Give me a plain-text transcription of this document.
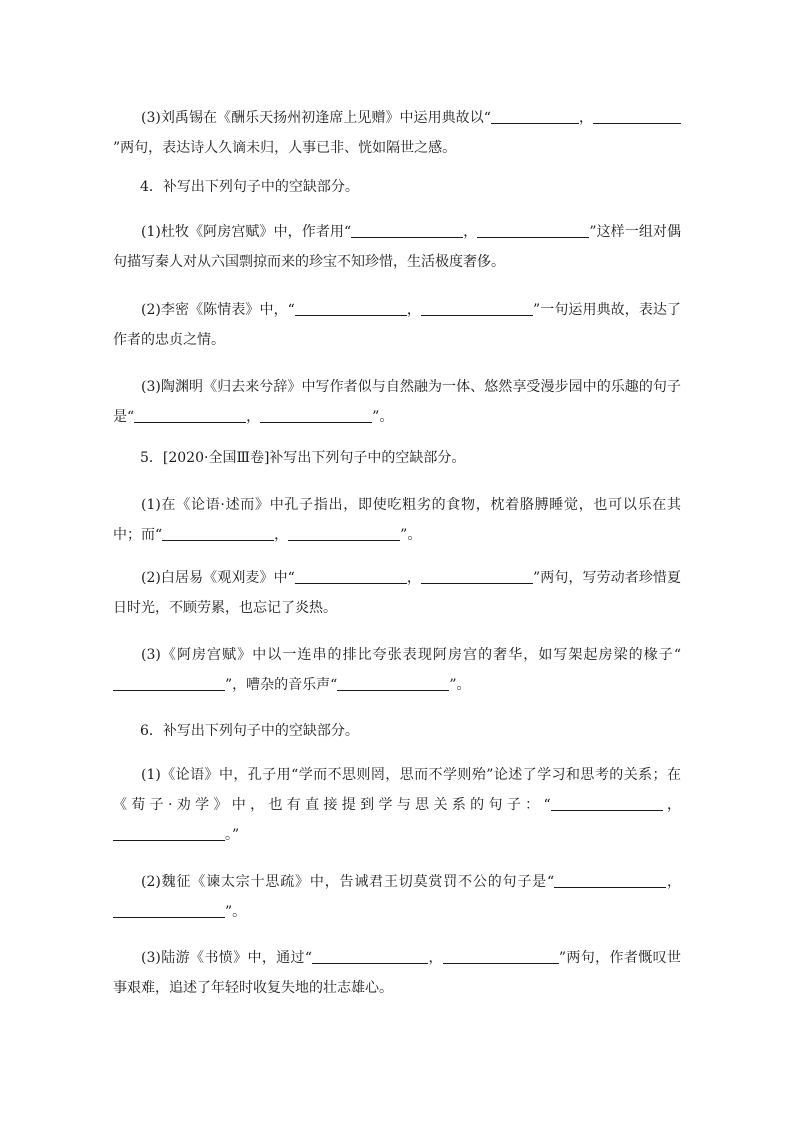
(3)刘禹锡在《酬乐天扬州初逢席上见赠》中运用典故以“	，”两句，表达诗人久谪未归，人事已非、恍如隔世之感。

4．补写出下列句子中的空缺部分。

(1)杜牧《阿房宫赋》中，作者用“	，	”这样一组对偶句描写秦人对从六国剽掠而来的珍宝不知珍惜，生活极度奢侈。

(2)李密《陈情表》中，“	，	”一句运用典故，表达了作者的忠贞之情。

(3)陶渊明《归去来兮辞》中写作者似与自然融为一体、悠然享受漫步园中的乐趣的句子是“	，	”。

5．[2020·全国Ⅲ卷]补写出下列句子中的空缺部分。

(1)在《论语·述而》中孔子指出，即使吃粗劣的食物，枕着胳膊睡觉，也可以乐在其中；而“	，	”。

(2)白居易《观刈麦》中“	，	”两句，写劳动者珍惜夏日时光，不顾劳累，也忘记了炎热。

(3)《阿房宫赋》中以一连串的排比夸张表现阿房宫的奢华，如写架起房梁的椽子“”，嘈杂的音乐声“	”。

6．补写出下列句子中的空缺部分。

(1)《论语》中，孔子用“学而不思则罔，思而不学则殆”论述了学习和思考的关系；在《荀子·劝学》中，也有直接提到学与思关系的句子：“	，。”

(2)魏征《谏太宗十思疏》中，告诫君王切莫赏罚不公的句子是“	，”。

(3)陆游《书愤》中，通过“	，	”两句，作者慨叹世事艰难，追述了年轻时收复失地的壮志雄心。
